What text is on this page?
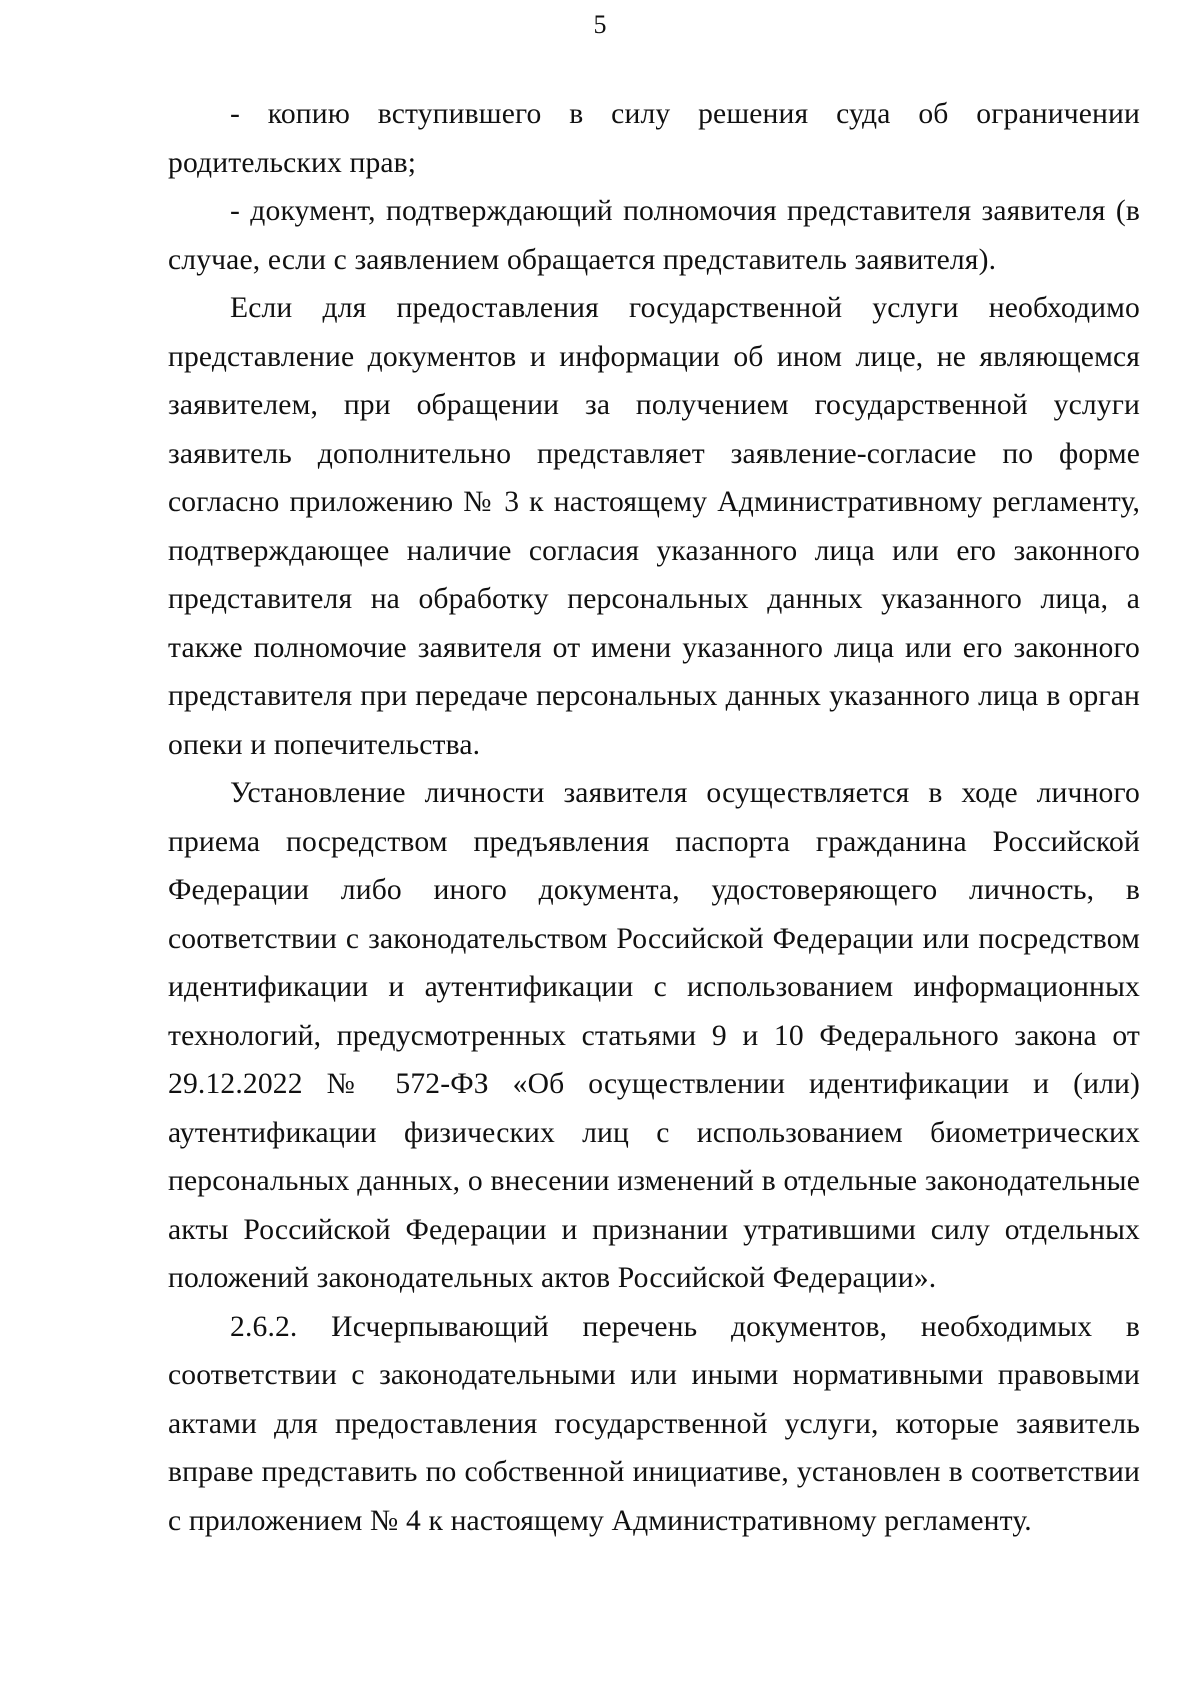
5

- копию вступившего в силу решения суда об ограничении родительских прав;

- документ, подтверждающий полномочия представителя заявителя (в случае, если с заявлением обращается представитель заявителя).

Если для предоставления государственной услуги необходимо представление документов и информации об ином лице, не являющемся заявителем, при обращении за получением государственной услуги заявитель дополнительно представляет заявление-согласие по форме согласно приложению № 3 к настоящему Административному регламенту, подтверждающее наличие согласия указанного лица или его законного представителя на обработку персональных данных указанного лица, а также полномочие заявителя от имени указанного лица или его законного представителя при передаче персональных данных указанного лица в орган опеки и попечительства.

Установление личности заявителя осуществляется в ходе личного приема посредством предъявления паспорта гражданина Российской Федерации либо иного документа, удостоверяющего личность, в соответствии с законодательством Российской Федерации или посредством идентификации и аутентификации с использованием информационных технологий, предусмотренных статьями 9 и 10 Федерального закона от 29.12.2022 № 572-ФЗ «Об осуществлении идентификации и (или) аутентификации физических лиц с использованием биометрических персональных данных, о внесении изменений в отдельные законодательные акты Российской Федерации и признании утратившими силу отдельных положений законодательных актов Российской Федерации».

2.6.2. Исчерпывающий перечень документов, необходимых в соответствии с законодательными или иными нормативными правовыми актами для предоставления государственной услуги, которые заявитель вправе представить по собственной инициативе, установлен в соответствии с приложением № 4 к настоящему Административному регламенту.
